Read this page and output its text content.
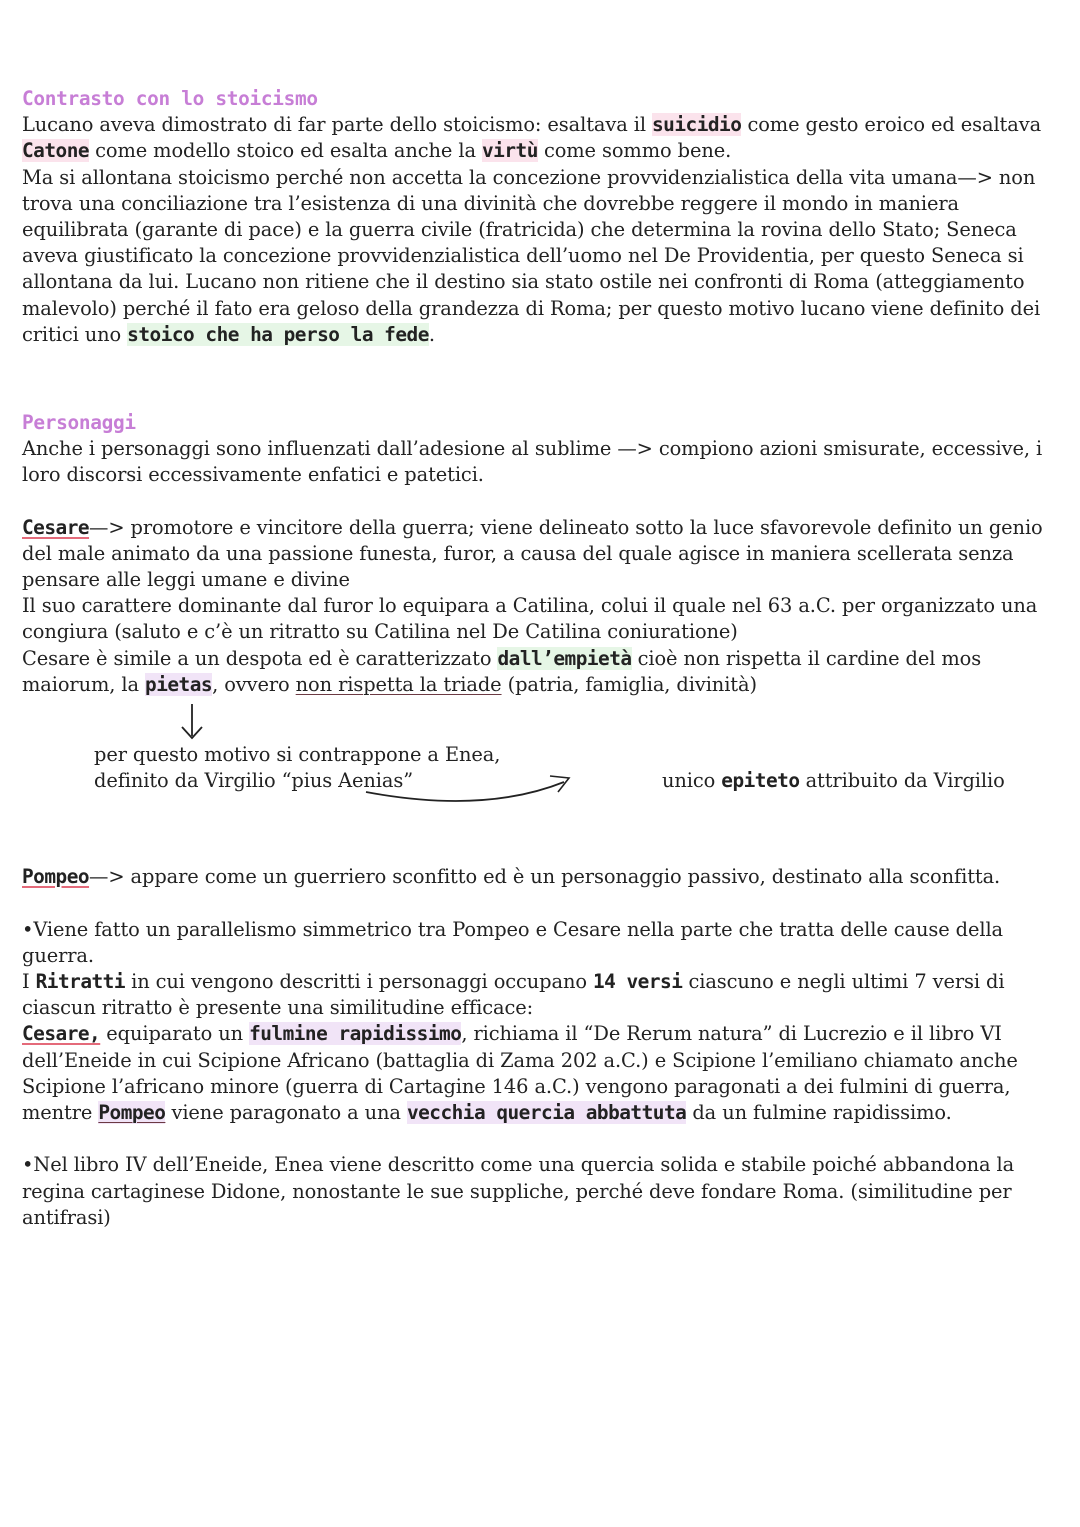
Contrasto con lo stoicismo

Lucano aveva dimostrato di far parte dello stoicismo: esaltava il suicidio come gesto eroico ed esaltava Catone come modello stoico ed esalta anche la virtù come sommo bene.

Ma si allontana stoicismo perché non accetta la concezione provvidenzialistica della vita umana—> non trova una conciliazione tra l’esistenza di una divinità che dovrebbe reggere il mondo in maniera equilibrata (garante di pace) e la guerra civile (fratricida) che determina la rovina dello Stato; Seneca aveva giustificato la concezione provvidenzialistica dell’uomo nel De Providentia, per questo Seneca si allontana da lui. Lucano non ritiene che il destino sia stato ostile nei confronti di Roma (atteggiamento malevolo) perché il fato era geloso della grandezza di Roma; per questo motivo lucano viene definito dei critici uno stoico che ha perso la fede.

Personaggi

Anche i personaggi sono influenzati dall’adesione al sublime —> compiono azioni smisurate, eccessive, i loro discorsi eccessivamente enfatici e patetici.

Cesare—> promotore e vincitore della guerra; viene delineato sotto la luce sfavorevole definito un genio del male animato da una passione funesta, furor, a causa del quale agisce in maniera scellerata senza pensare alle leggi umane e divine

Il suo carattere dominante dal furor lo equipara a Catilina, colui il quale nel 63 a.C. per organizzato una congiura (saluto e c’è un ritratto su Catilina nel De Catilina coniuratione)

Cesare è simile a un despota ed è caratterizzato dall’empietà cioè non rispetta il cardine del mos maiorum, la pietas, ovvero non rispetta la triade (patria, famiglia, divinità)

per questo motivo si contrappone a Enea,

definito da Virgilio “pius Aenias”	unico epiteto attribuito da Virgilio

Pompeo—> appare come un guerriero sconfitto ed è un personaggio passivo, destinato alla sconfitta.

•Viene fatto un parallelismo simmetrico tra Pompeo e Cesare nella parte che tratta delle cause della guerra.

I Ritratti in cui vengono descritti i personaggi occupano 14 versi ciascuno e negli ultimi 7 versi di ciascun ritratto è presente una similitudine efficace:

Cesare, equiparato un fulmine rapidissimo, richiama il “De Rerum natura” di Lucrezio e il libro VI dell’Eneide in cui Scipione Africano (battaglia di Zama 202 a.C.) e Scipione l’emiliano chiamato anche Scipione l’africano minore (guerra di Cartagine 146 a.C.) vengono paragonati a dei fulmini di guerra, mentre Pompeo viene paragonato a una vecchia quercia abbattuta da un fulmine rapidissimo.

•Nel libro IV dell’Eneide, Enea viene descritto come una quercia solida e stabile poiché abbandona la regina cartaginese Didone, nonostante le sue suppliche, perché deve fondare Roma. (similitudine per antifrasi)
